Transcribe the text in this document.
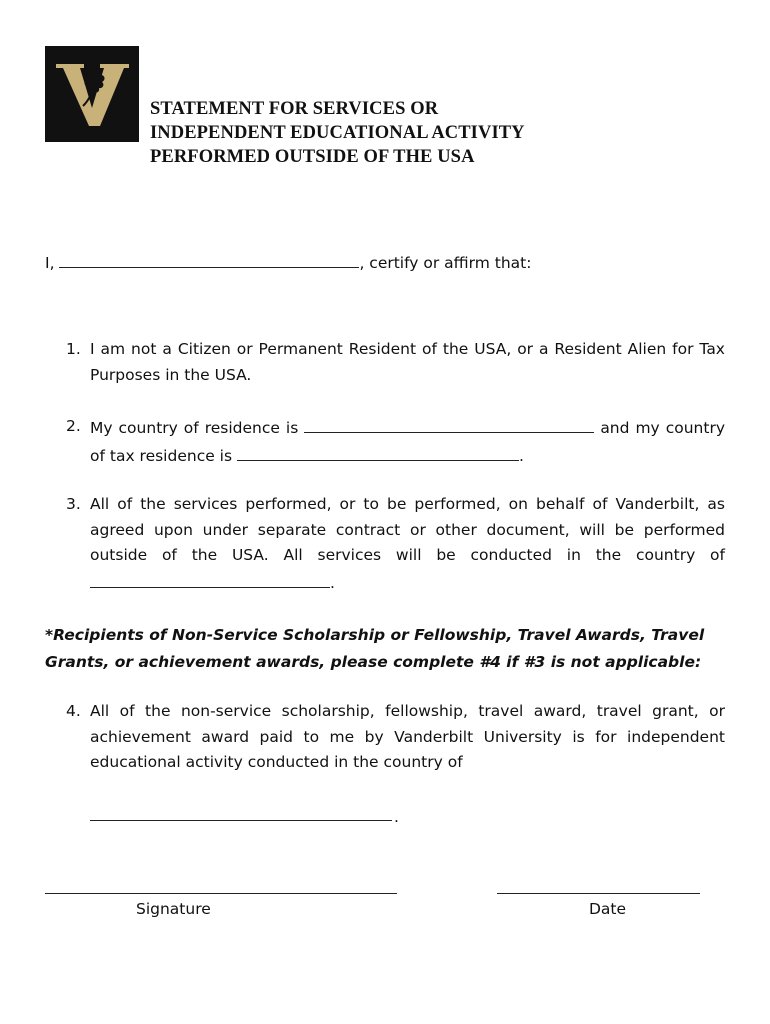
STATEMENT FOR SERVICES OR
INDEPENDENT EDUCATIONAL ACTIVITY
PERFORMED OUTSIDE OF THE USA
I,	, certify or affirm that:
1. I am not a Citizen or Permanent Resident of the USA, or a Resident Alien for Tax Purposes in the USA.
2. My country of residence is	and my country of tax residence is	.
3. All of the services performed, or to be performed, on behalf of Vanderbilt, as agreed upon under separate contract or other document, will be performed outside of the USA. All services will be conducted in the country of .
*Recipients of Non-Service Scholarship or Fellowship, Travel Awards, Travel Grants, or achievement awards, please complete #4 if #3 is not applicable:
4. All of the non-service scholarship, fellowship, travel award, travel grant, or achievement award paid to me by Vanderbilt University is for independent educational activity conducted in the country of
.
Signature	Date
